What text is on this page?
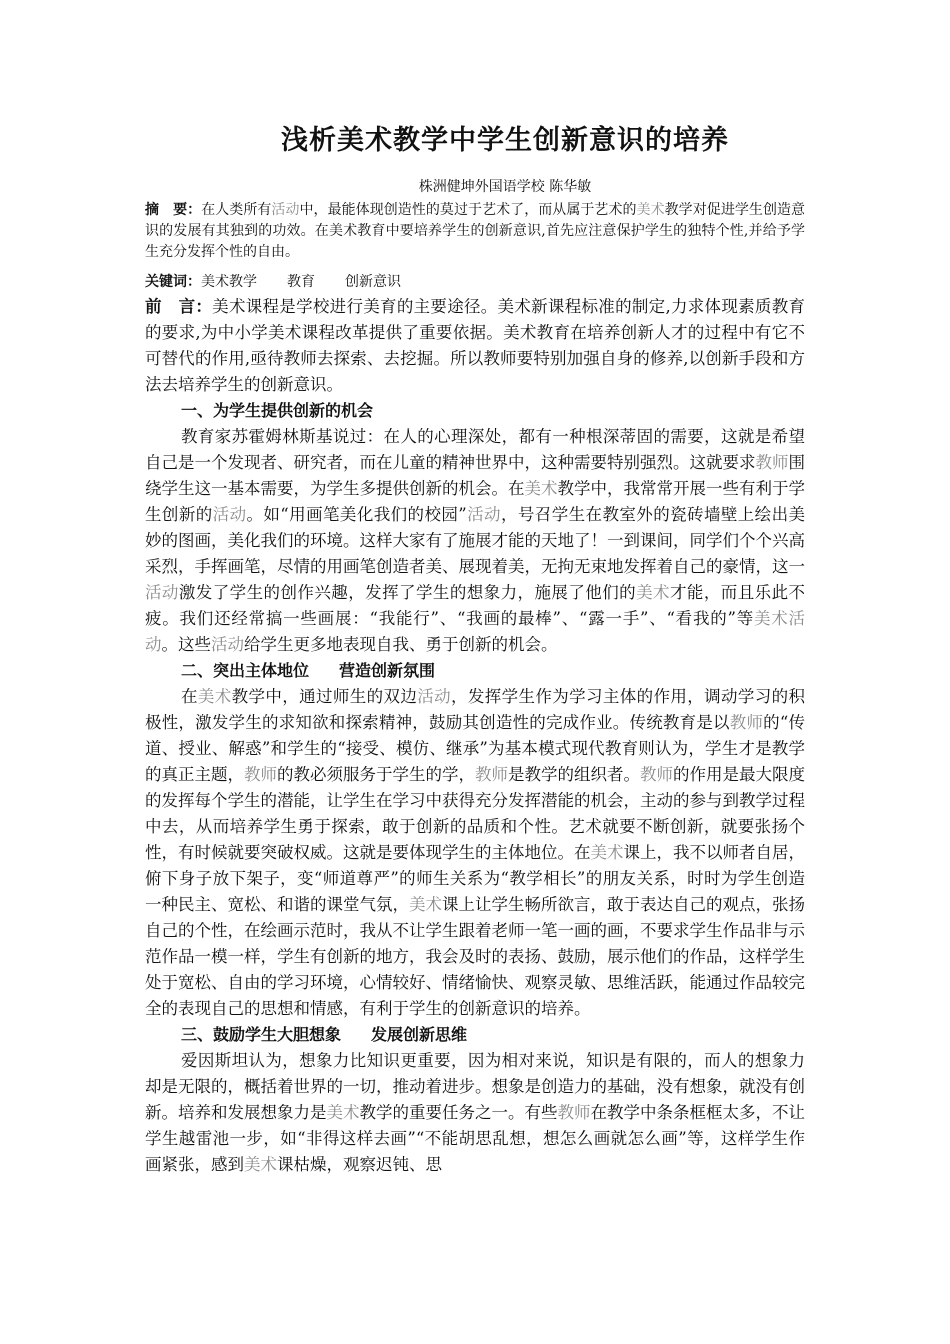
浅析美术教学中学生创新意识的培养
株洲健坤外国语学校 陈华敏
摘　要：在人类所有活动中，最能体现创造性的莫过于艺术了，而从属于艺术的美术教学对促进学生创造意识的发展有其独到的功效。在美术教育中要培养学生的创新意识,首先应注意保护学生的独特个性,并给予学生充分发挥个性的自由。
关键词：美术教学 教育 创新意识

前　言：美术课程是学校进行美育的主要途径。美术新课程标准的制定,力求体现素质教育的要求,为中小学美术课程改革提供了重要依据。美术教育在培养创新人才的过程中有它不可替代的作用,亟待教师去探索、去挖掘。所以教师要特别加强自身的修养,以创新手段和方法去培养学生的创新意识。

一、为学生提供创新的机会

教育家苏霍姆林斯基说过：在人的心理深处，都有一种根深蒂固的需要，这就是希望自己是一个发现者、研究者，而在儿童的精神世界中，这种需要特别强烈。这就要求教师围绕学生这一基本需要，为学生多提供创新的机会。在美术教学中，我常常开展一些有利于学生创新的活动。如“用画笔美化我们的校园”活动，号召学生在教室外的瓷砖墙壁上绘出美妙的图画，美化我们的环境。这样大家有了施展才能的天地了！一到课间，同学们个个兴高采烈，手挥画笔，尽情的用画笔创造者美、展现着美，无拘无束地发挥着自己的豪情，这一活动激发了学生的创作兴趣，发挥了学生的想象力，施展了他们的美术才能，而且乐此不疲。我们还经常搞一些画展：“我能行”、“我画的最棒”、“露一手”、“看我的”等美术活动。这些活动给学生更多地表现自我、勇于创新的机会。

二、突出主体地位 营造创新氛围

在美术教学中，通过师生的双边活动，发挥学生作为学习主体的作用，调动学习的积极性，激发学生的求知欲和探索精神，鼓励其创造性的完成作业。传统教育是以教师的“传道、授业、解惑”和学生的“接受、模仿、继承”为基本模式现代教育则认为，学生才是教学的真正主题，教师的教必须服务于学生的学，教师是教学的组织者。教师的作用是最大限度的发挥每个学生的潜能，让学生在学习中获得充分发挥潜能的机会，主动的参与到教学过程中去，从而培养学生勇于探索，敢于创新的品质和个性。艺术就要不断创新，就要张扬个性，有时候就要突破权威。这就是要体现学生的主体地位。在美术课上，我不以师者自居，俯下身子放下架子，变“师道尊严”的师生关系为“教学相长”的朋友关系，时时为学生创造一种民主、宽松、和谐的课堂气氛，美术课上让学生畅所欲言，敢于表达自己的观点，张扬自己的个性，在绘画示范时，我从不让学生跟着老师一笔一画的画，不要求学生作品非与示范作品一模一样，学生有创新的地方，我会及时的表扬、鼓励，展示他们的作品，这样学生处于宽松、自由的学习环境，心情较好、情绪愉快、观察灵敏、思维活跃，能通过作品较完全的表现自己的思想和情感，有利于学生的创新意识的培养。

三、鼓励学生大胆想象 发展创新思维

爱因斯坦认为，想象力比知识更重要，因为相对来说，知识是有限的，而人的想象力却是无限的，概括着世界的一切，推动着进步。想象是创造力的基础，没有想象，就没有创新。培养和发展想象力是美术教学的重要任务之一。有些教师在教学中条条框框太多，不让学生越雷池一步，如“非得这样去画”“不能胡思乱想，想怎么画就怎么画”等，这样学生作画紧张，感到美术课枯燥，观察迟钝、思
